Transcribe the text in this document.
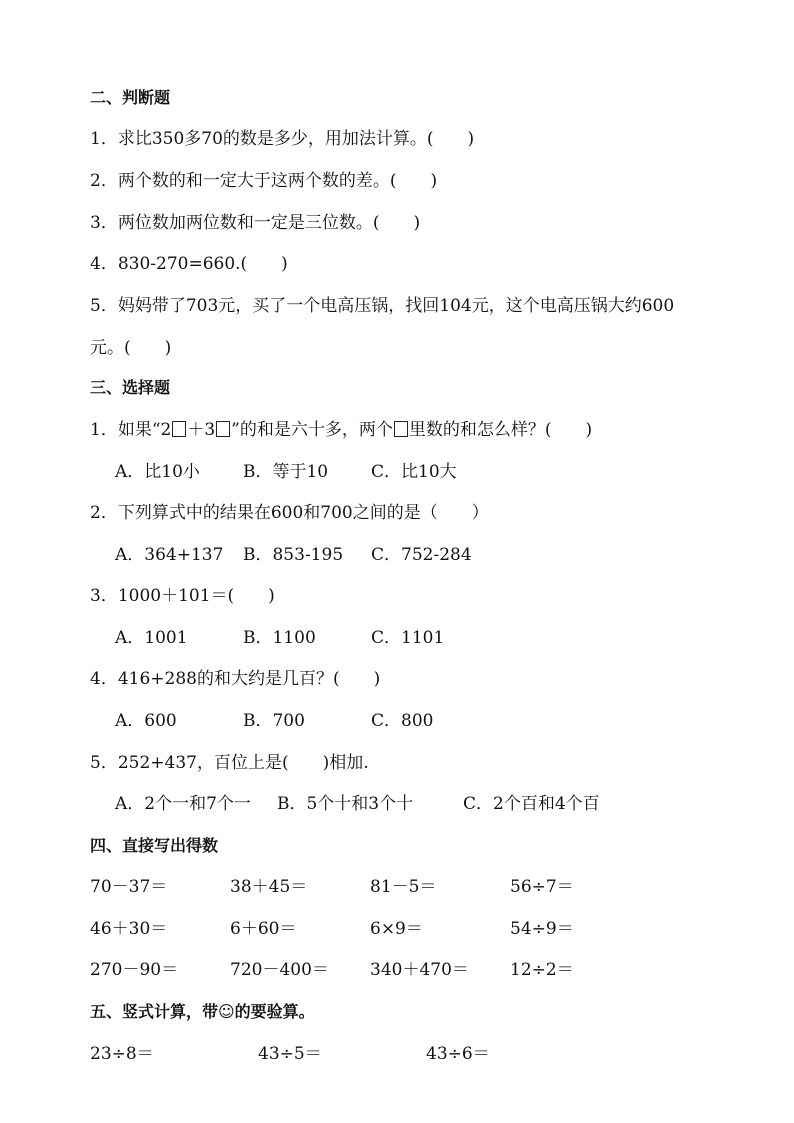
二、判断题
1．求比350多70的数是多少，用加法计算。(　　)
2．两个数的和一定大于这两个数的差。(　　)
3．两位数加两位数和一定是三位数。(　　)
4．830-270=660.(　　)
5．妈妈带了703元，买了一个电高压锅，找回104元，这个电高压锅大约600
元。(　　)
三、选择题
1．如果“2 ＋3 ”的和是六十多，两个 里数的和怎么样？(　　)
A．比10小	B．等于10	C．比10大
2．下列算式中的结果在600和700之间的是（　　）
A．364+137 B．853-195 C．752-284
3．1000＋101＝(　　)
A．1001	B．1100	C．1101
4．416+288的和大约是几百？(　　)
A．600	B．700	C．800
5．252+437，百位上是(　　)相加.
A．2个一和7个一 B．5个十和3个十	C．2个百和4个百
四、直接写出得数
70－37＝	38＋45＝	81－5＝	56÷7＝
46＋30＝	6＋60＝	6×9＝	54÷9＝
270－90＝	720－400＝ 340＋470＝ 12÷2＝
五、竖式计算，带☺的要验算。
23÷8＝	43÷5＝	43÷6＝
